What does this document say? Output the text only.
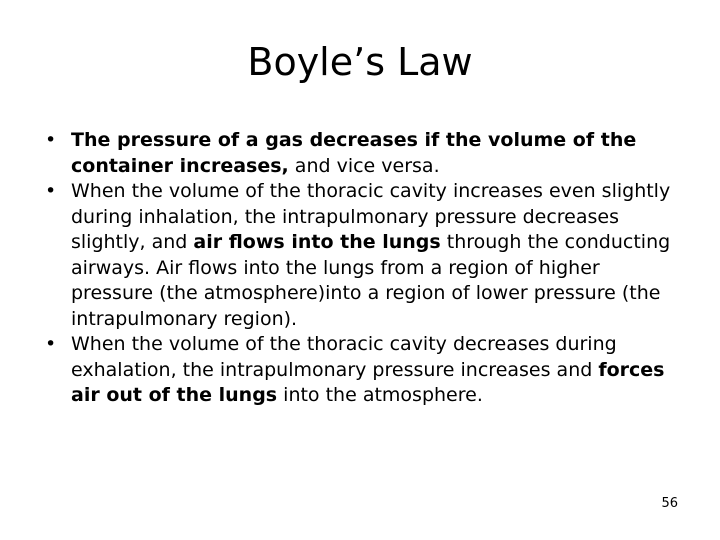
Boyle’s Law
• The pressure of a gas decreases if the volume of the container increases, and vice versa.
• When the volume of the thoracic cavity increases even slightly during inhalation, the intrapulmonary pressure decreases slightly, and air flows into the lungs through the conducting airways. Air flows into the lungs from a region of higher pressure (the atmosphere)into a region of lower pressure (the intrapulmonary region).
• When the volume of the thoracic cavity decreases during exhalation, the intrapulmonary pressure increases and forces air out of the lungs into the atmosphere.
56
